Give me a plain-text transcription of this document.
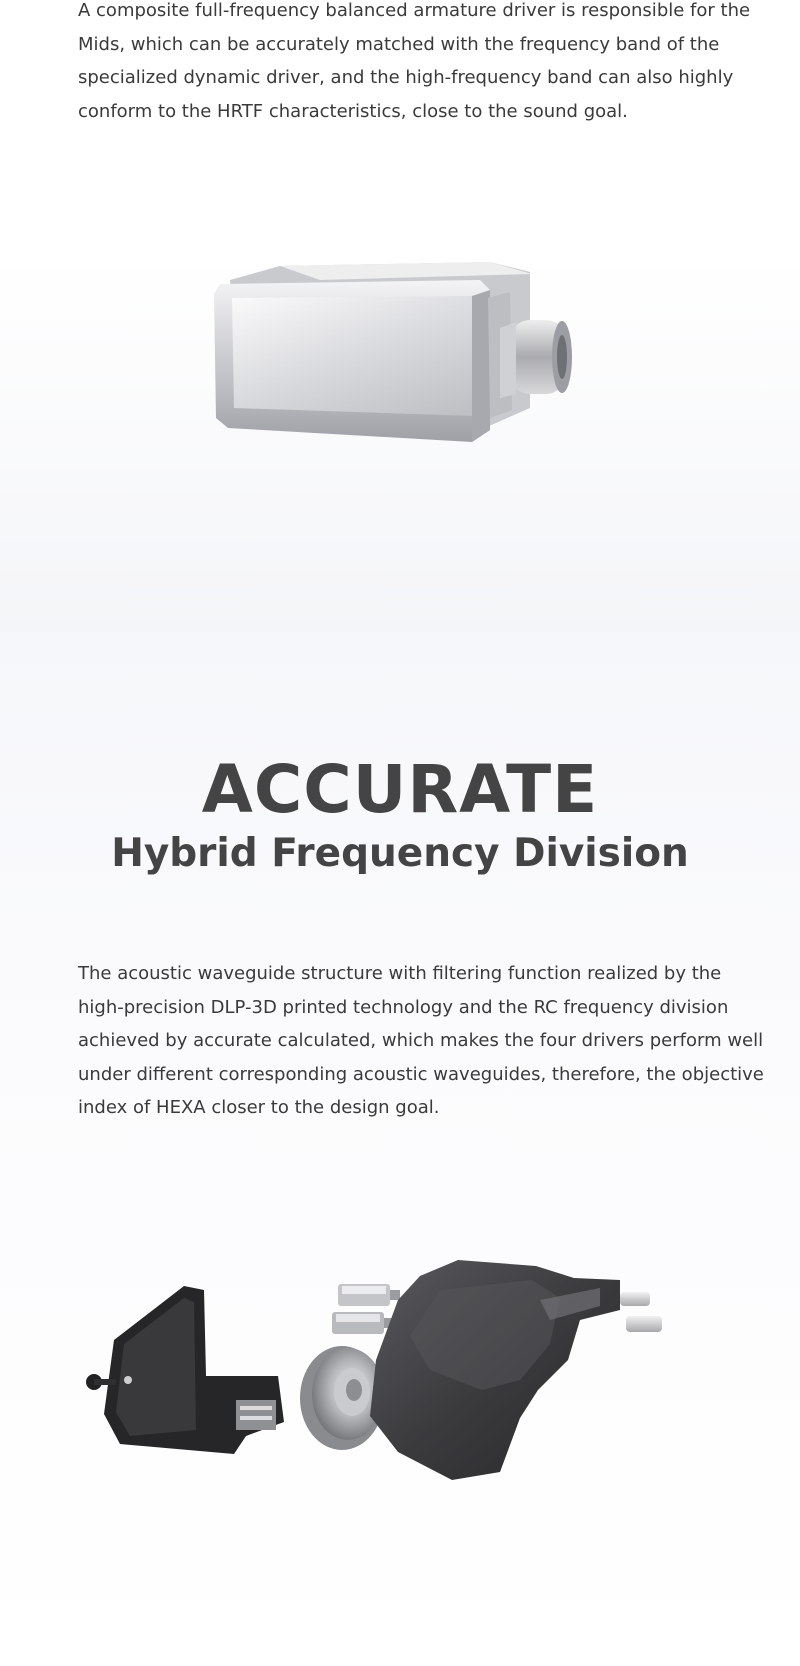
A composite full-frequency balanced armature driver is responsible for the Mids, which can be accurately matched with the frequency band of the specialized dynamic driver, and the high-frequency band can also highly conform to the HRTF characteristics, close to the sound goal.

ACCURATE
Hybrid Frequency Division

The acoustic waveguide structure with filtering function realized by the high-precision DLP-3D printed technology and the RC frequency division achieved by accurate calculated, which makes the four drivers perform well under different corresponding acoustic waveguides, therefore, the objective index of HEXA closer to the design goal.
